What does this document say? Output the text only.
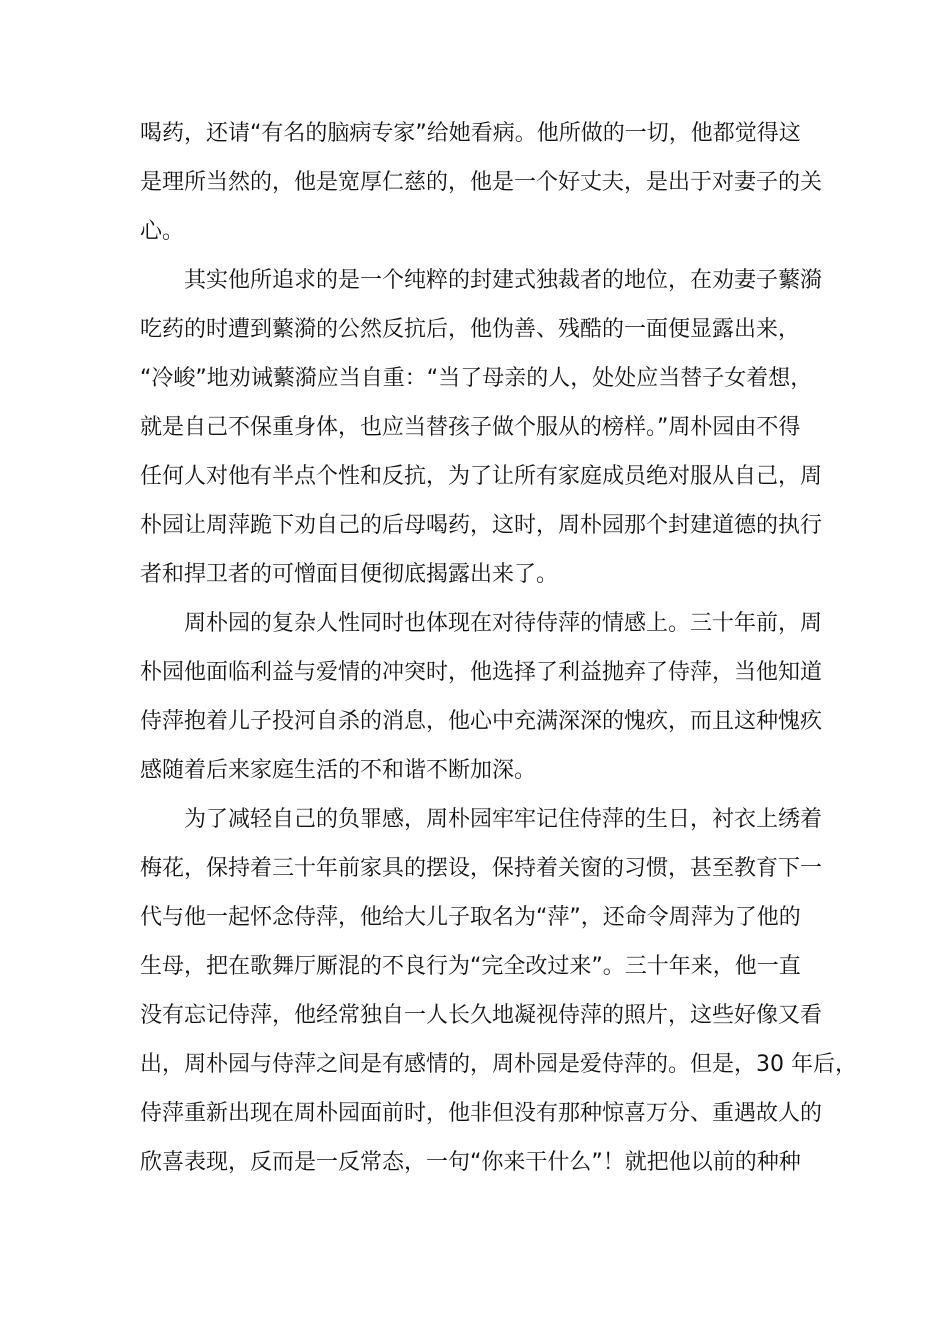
喝药，还请“有名的脑病专家”给她看病。他所做的一切，他都觉得这
是理所当然的，他是宽厚仁慈的，他是一个好丈夫，是出于对妻子的关
心。
其实他所追求的是一个纯粹的封建式独裁者的地位，在劝妻子蘩漪
吃药的时遭到蘩漪的公然反抗后，他伪善、残酷的一面便显露出来，
“冷峻”地劝诫蘩漪应当自重：“当了母亲的人，处处应当替子女着想，
就是自己不保重身体，也应当替孩子做个服从的榜样。”周朴园由不得
任何人对他有半点个性和反抗，为了让所有家庭成员绝对服从自己，周
朴园让周萍跪下劝自己的后母喝药，这时，周朴园那个封建道德的执行
者和捍卫者的可憎面目便彻底揭露出来了。
周朴园的复杂人性同时也体现在对待侍萍的情感上。三十年前，周
朴园他面临利益与爱情的冲突时，他选择了利益抛弃了侍萍，当他知道
侍萍抱着儿子投河自杀的消息，他心中充满深深的愧疚，而且这种愧疚
感随着后来家庭生活的不和谐不断加深。
为了减轻自己的负罪感，周朴园牢牢记住侍萍的生日，衬衣上绣着
梅花，保持着三十年前家具的摆设，保持着关窗的习惯，甚至教育下一
代与他一起怀念侍萍，他给大儿子取名为“萍”，还命令周萍为了他的
生母，把在歌舞厅厮混的不良行为“完全改过来”。三十年来，他一直
没有忘记侍萍，他经常独自一人长久地凝视侍萍的照片，这些好像又看
出，周朴园与侍萍之间是有感情的，周朴园是爱侍萍的。但是，30 年后，
侍萍重新出现在周朴园面前时，他非但没有那种惊喜万分、重遇故人的
欣喜表现，反而是一反常态，一句“你来干什么”！就把他以前的种种
